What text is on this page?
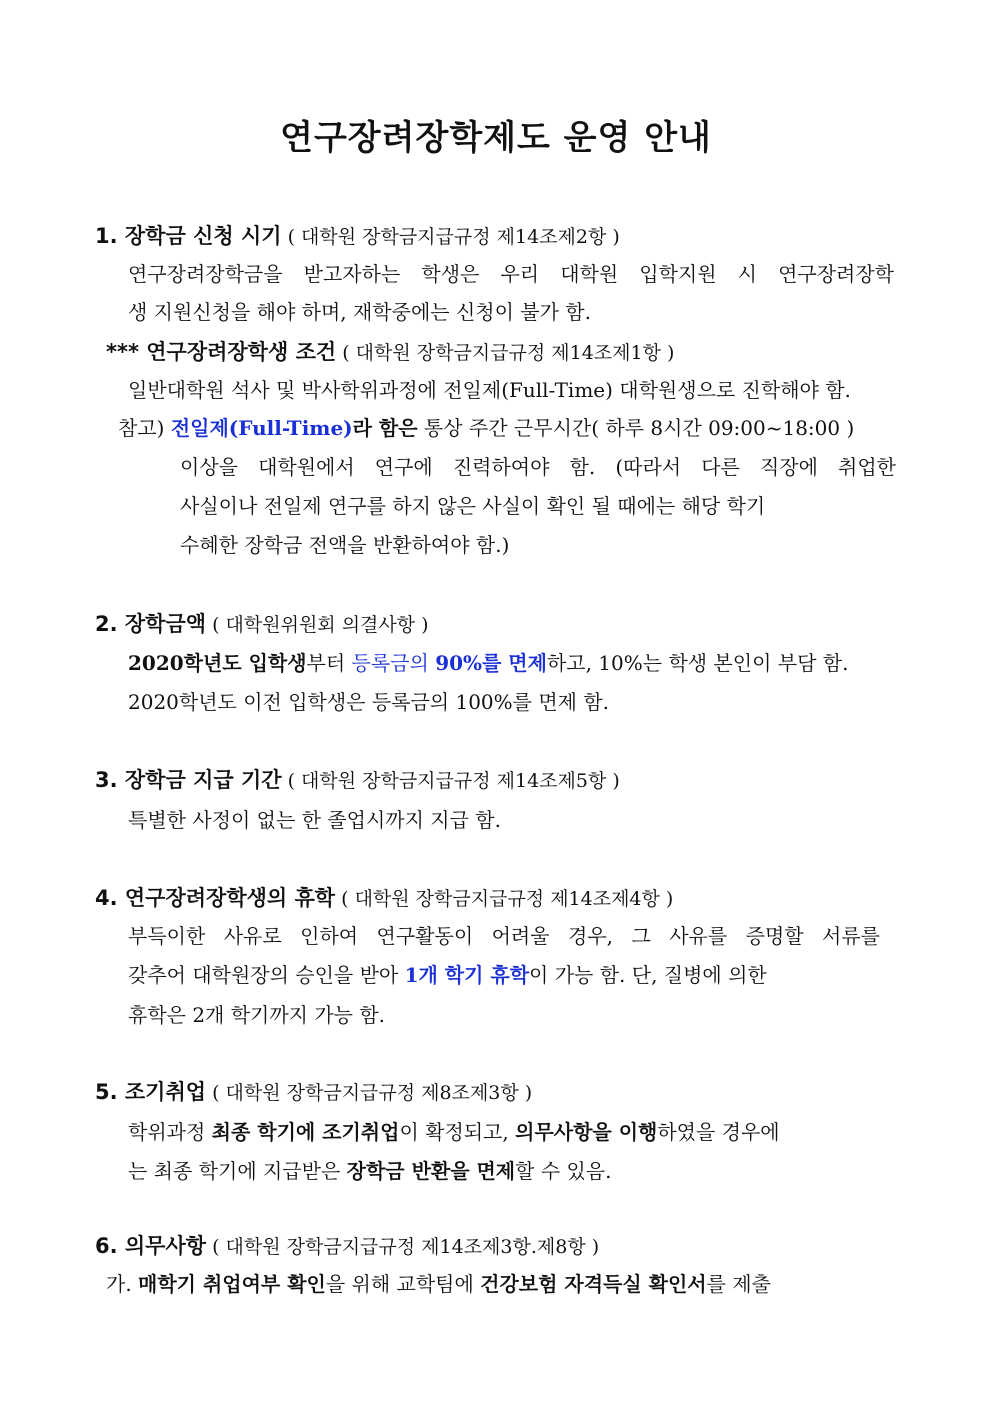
연구장려장학제도 운영 안내
1. 장학금 신청 시기 ( 대학원 장학금지급규정 제14조제2항 )
연구장려장학금을 받고자하는 학생은 우리 대학원 입학지원 시 연구장려장학
생 지원신청을 해야 하며, 재학중에는 신청이 불가 함.
*** 연구장려장학생 조건 ( 대학원 장학금지급규정 제14조제1항 )
일반대학원 석사 및 박사학위과정에 전일제(Full-Time) 대학원생으로 진학해야 함.
참고) 전일제(Full-Time)라 함은 통상 주간 근무시간( 하루 8시간 09:00~18:00 )
이상을 대학원에서 연구에 진력하여야 함. (따라서 다른 직장에 취업한
사실이나 전일제 연구를 하지 않은 사실이 확인 될 때에는 해당 학기
수혜한 장학금 전액을 반환하여야 함.)
2. 장학금액 ( 대학원위원회 의결사항 )
2020학년도 입학생부터 등록금의 90%를 면제하고, 10%는 학생 본인이 부담 함.
2020학년도 이전 입학생은 등록금의 100%를 면제 함.
3. 장학금 지급 기간 ( 대학원 장학금지급규정 제14조제5항 )
특별한 사정이 없는 한 졸업시까지 지급 함.
4. 연구장려장학생의 휴학 ( 대학원 장학금지급규정 제14조제4항 )
부득이한 사유로 인하여 연구활동이 어려울 경우, 그 사유를 증명할 서류를
갖추어 대학원장의 승인을 받아 1개 학기 휴학이 가능 함. 단, 질병에 의한
휴학은 2개 학기까지 가능 함.
5. 조기취업 ( 대학원 장학금지급규정 제8조제3항 )
학위과정 최종 학기에 조기취업이 확정되고, 의무사항을 이행하였을 경우에
는 최종 학기에 지급받은 장학금 반환을 면제할 수 있음.
6. 의무사항 ( 대학원 장학금지급규정 제14조제3항.제8항 )
가. 매학기 취업여부 확인을 위해 교학팀에 건강보험 자격득실 확인서를 제출
